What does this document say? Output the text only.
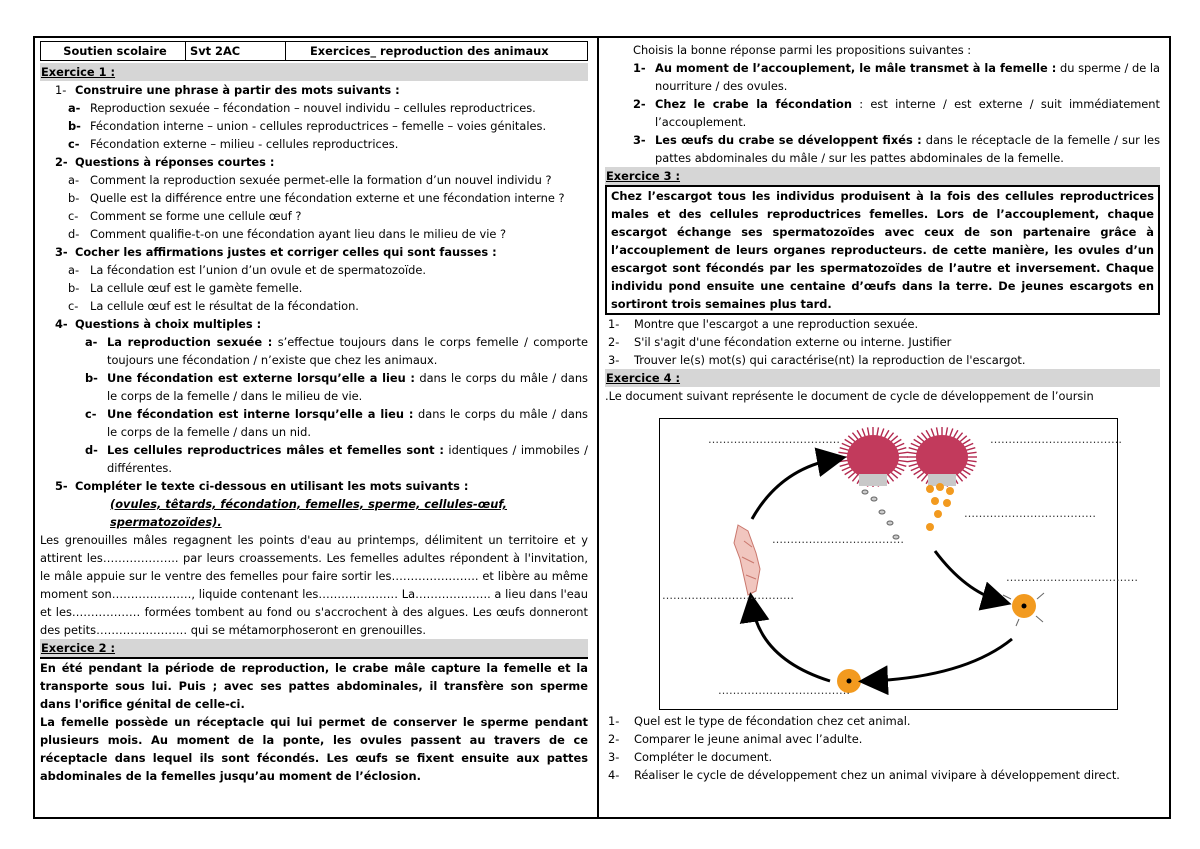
Soutien scolaire	Svt 2AC	Exercices_ reproduction des animaux
Exercice 1 :
1- Construire une phrase à partir des mots suivants :
a- Reproduction sexuée – fécondation – nouvel individu – cellules reproductrices.
b- Fécondation interne – union - cellules reproductrices – femelle – voies génitales.
c- Fécondation externe – milieu - cellules reproductrices.
2- Questions à réponses courtes :
a- Comment la reproduction sexuée permet-elle la formation d’un nouvel individu ?
b- Quelle est la différence entre une fécondation externe et une fécondation interne ?
c-	Comment se forme une cellule œuf ?
d- Comment qualifie-t-on une fécondation ayant lieu dans le milieu de vie ?
3- Cocher les affirmations justes et corriger celles qui sont fausses :
a- La fécondation est l’union d’un ovule et de spermatozoïde.
b- La cellule œuf est le gamète femelle.
c-	La cellule œuf est le résultat de la fécondation.
4- Questions à choix multiples :
a- La reproduction sexuée : s’effectue toujours dans le corps femelle / comporte toujours une fécondation / n’existe que chez les animaux.
b- Une fécondation est externe lorsqu’elle a lieu : dans le corps du mâle / dans le corps de la femelle / dans le milieu de vie.
c- Une fécondation est interne lorsqu’elle a lieu : dans le corps du mâle / dans le corps de la femelle / dans un nid.
d- Les cellules reproductrices mâles et femelles sont : identiques / immobiles / différentes.
5- Compléter le texte ci-dessous en utilisant les mots suivants :
(ovules, têtards, fécondation, femelles, sperme, cellules-œuf, spermatozoïdes).
Les grenouilles mâles regagnent les points d'eau au printemps, délimitent un territoire et y attirent les……………….. par leurs croassements. Les femelles adultes répondent à l'invitation, le mâle appuie sur le ventre des femelles pour faire sortir les………………….. et libère au même moment son…………………, liquide contenant les………………… La……………….. a lieu dans l'eau et les……………… formées tombent au fond ou s'accrochent à des algues. Les œufs donneront des petits…………………… qui se métamorphoseront en grenouilles.
Exercice 2 :
En été pendant la période de reproduction, le crabe mâle capture la femelle et la transporte sous lui. Puis ; avec ses pattes abdominales, il transfère son sperme dans l'orifice génital de celle-ci.
La femelle possède un réceptacle qui lui permet de conserver le sperme pendant plusieurs mois. Au moment de la ponte, les ovules passent au travers de ce réceptacle dans lequel ils sont fécondés. Les œufs se fixent ensuite aux pattes abdominales de la femelles jusqu’au moment de l’éclosion.
Choisis la bonne réponse parmi les propositions suivantes :
1- Au moment de l’accouplement, le mâle transmet à la femelle : du sperme / de la nourriture / des ovules.
2- Chez le crabe la fécondation : est interne / est externe / suit immédiatement l’accouplement.
3- Les œufs du crabe se développent fixés : dans le réceptacle de la femelle / sur les pattes abdominales du mâle / sur les pattes abdominales de la femelle.
Exercice 3 :
Chez l’escargot tous les individus produisent à la fois des cellules reproductrices males et des cellules reproductrices femelles. Lors de l’accouplement, chaque escargot échange ses spermatozoïdes avec ceux de son partenaire grâce à l’accouplement de leurs organes reproducteurs. de cette manière, les ovules d’un escargot sont fécondés par les spermatozoïdes de l’autre et inversement. Chaque individu pond ensuite une centaine d’œufs dans la terre. De jeunes escargots en sortiront trois semaines plus tard.
1-	Montre que l'escargot a une reproduction sexuée.
2-	S'il s'agit d'une fécondation externe ou interne. Justifier
3-	Trouver le(s) mot(s) qui caractérise(nt) la reproduction de l'escargot.
Exercice 4 :
.Le document suivant représente le document de cycle de développement de l’oursin
………………………………	………………………………
………………………………
………………………………
………………………………
………………………………
………………………………
1-	Quel est le type de fécondation chez cet animal.
2-	Comparer le jeune animal avec l’adulte.
3-	Compléter le document.
4-	Réaliser le cycle de développement chez un animal vivipare à développement direct.
